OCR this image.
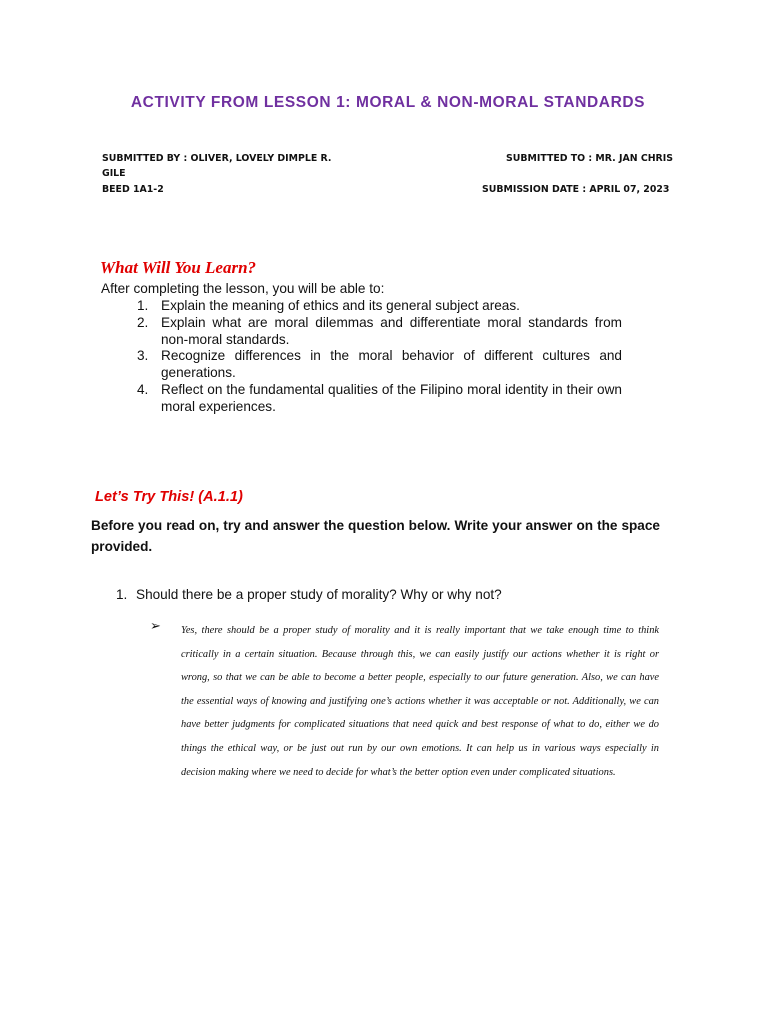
ACTIVITY FROM LESSON 1: MORAL & NON-MORAL STANDARDS
SUBMITTED BY : OLIVER, LOVELY DIMPLE R.
GILE
BEED 1A1-2
SUBMITTED TO : MR. JAN CHRIS
SUBMISSION DATE : APRIL 07, 2023
What Will You Learn?
After completing the lesson, you will be able to:
1. Explain the meaning of ethics and its general subject areas.
2. Explain what are moral dilemmas and differentiate moral standards from non-moral standards.
3. Recognize differences in the moral behavior of different cultures and generations.
4. Reflect on the fundamental qualities of the Filipino moral identity in their own moral experiences.
Let’s Try This! (A.1.1)
Before you read on, try and answer the question below. Write your answer on the space provided.
1. Should there be a proper study of morality? Why or why not?
➢ Yes, there should be a proper study of morality and it is really important that we take enough time to think critically in a certain situation. Because through this, we can easily justify our actions whether it is right or wrong, so that we can be able to become a better people, especially to our future generation. Also, we can have the essential ways of knowing and justifying one’s actions whether it was acceptable or not. Additionally, we can have better judgments for complicated situations that need quick and best response of what to do, either we do things the ethical way, or be just out run by our own emotions. It can help us in various ways especially in decision making where we need to decide for what’s the better option even under complicated situations.
